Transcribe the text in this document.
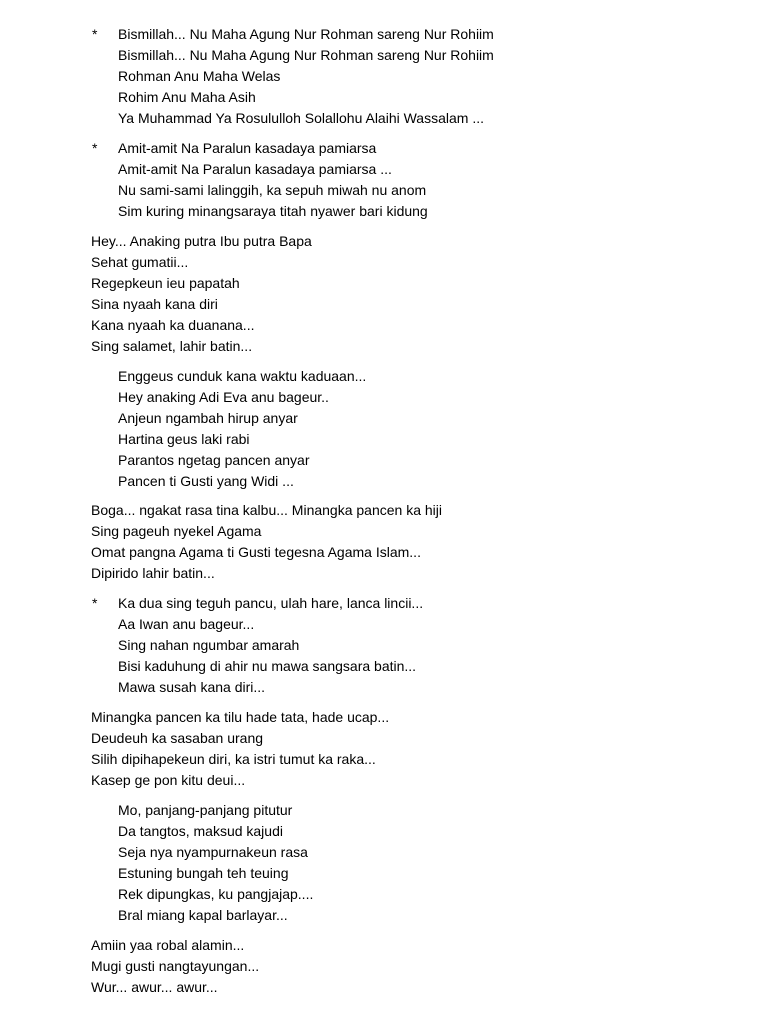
* Bismillah... Nu Maha Agung Nur Rohman sareng Nur Rohiim
Bismillah... Nu Maha Agung Nur Rohman sareng Nur Rohiim
Rohman Anu Maha Welas
Rohim Anu Maha Asih
Ya Muhammad Ya Rosululloh Solallohu Alaihi Wassalam ...
* Amit-amit Na Paralun kasadaya pamiarsa
Amit-amit Na Paralun kasadaya pamiarsa ...
Nu sami-sami lalinggih, ka sepuh miwah nu anom
Sim kuring minangsaraya titah nyawer bari kidung
Hey... Anaking putra Ibu putra Bapa
Sehat gumatii...
Regepkeun ieu papatah
Sina nyaah kana diri
Kana nyaah ka duanana...
Sing salamet, lahir batin...
Enggeus cunduk kana waktu kaduaan...
Hey anaking Adi Eva anu bageur..
Anjeun ngambah hirup anyar
Hartina geus laki rabi
Parantos ngetag pancen anyar
Pancen ti Gusti yang Widi ...
Boga... ngakat rasa tina kalbu... Minangka pancen ka hiji
Sing pageuh nyekel Agama
Omat pangna Agama ti Gusti tegesna Agama Islam...
Dipirido lahir batin...
* Ka dua sing teguh pancu, ulah hare, lanca lincii...
Aa Iwan anu bageur...
Sing nahan ngumbar amarah
Bisi kaduhung di ahir nu mawa sangsara batin...
Mawa susah kana diri...
Minangka pancen ka tilu hade tata, hade ucap...
Deudeuh ka sasaban urang
Silih dipihapekeun diri, ka istri tumut ka raka...
Kasep ge pon kitu deui...
Mo, panjang-panjang pitutur
Da tangtos, maksud kajudi
Seja nya nyampurnakeun rasa
Estuning bungah teh teuing
Rek dipungkas, ku pangjajap....
Bral miang kapal barlayar...
Amiin yaa robal alamin...
Mugi gusti nangtayungan...
Wur... awur... awur...
